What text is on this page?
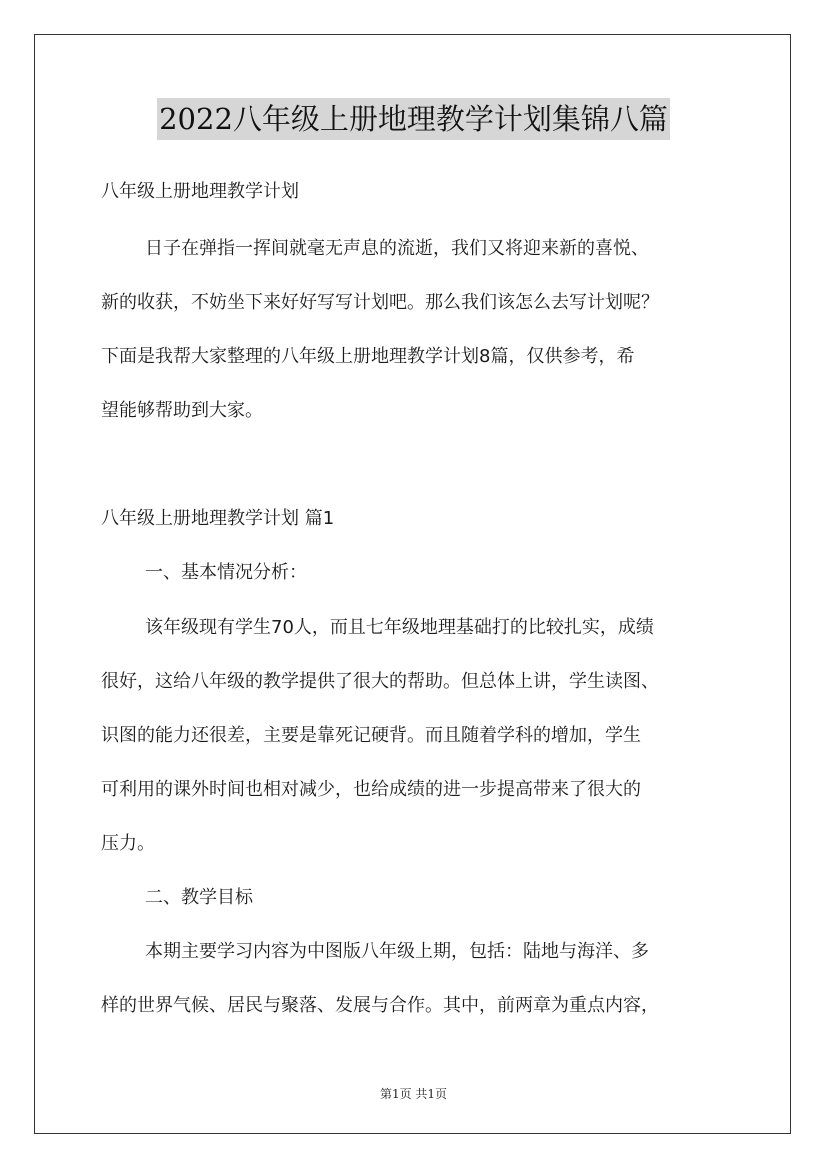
2022八年级上册地理教学计划集锦八篇
八年级上册地理教学计划
日子在弹指一挥间就毫无声息的流逝，我们又将迎来新的喜悦、
新的收获，不妨坐下来好好写写计划吧。那么我们该怎么去写计划呢？
下面是我帮大家整理的八年级上册地理教学计划8篇，仅供参考，希
望能够帮助到大家。
八年级上册地理教学计划 篇1
一、基本情况分析：
该年级现有学生70人，而且七年级地理基础打的比较扎实，成绩
很好，这给八年级的教学提供了很大的帮助。但总体上讲，学生读图、
识图的能力还很差，主要是靠死记硬背。而且随着学科的增加，学生
可利用的课外时间也相对减少，也给成绩的进一步提高带来了很大的
压力。
二、教学目标
本期主要学习内容为中图版八年级上期，包括：陆地与海洋、多
样的世界气候、居民与聚落、发展与合作。其中，前两章为重点内容，
第1页 共1页
